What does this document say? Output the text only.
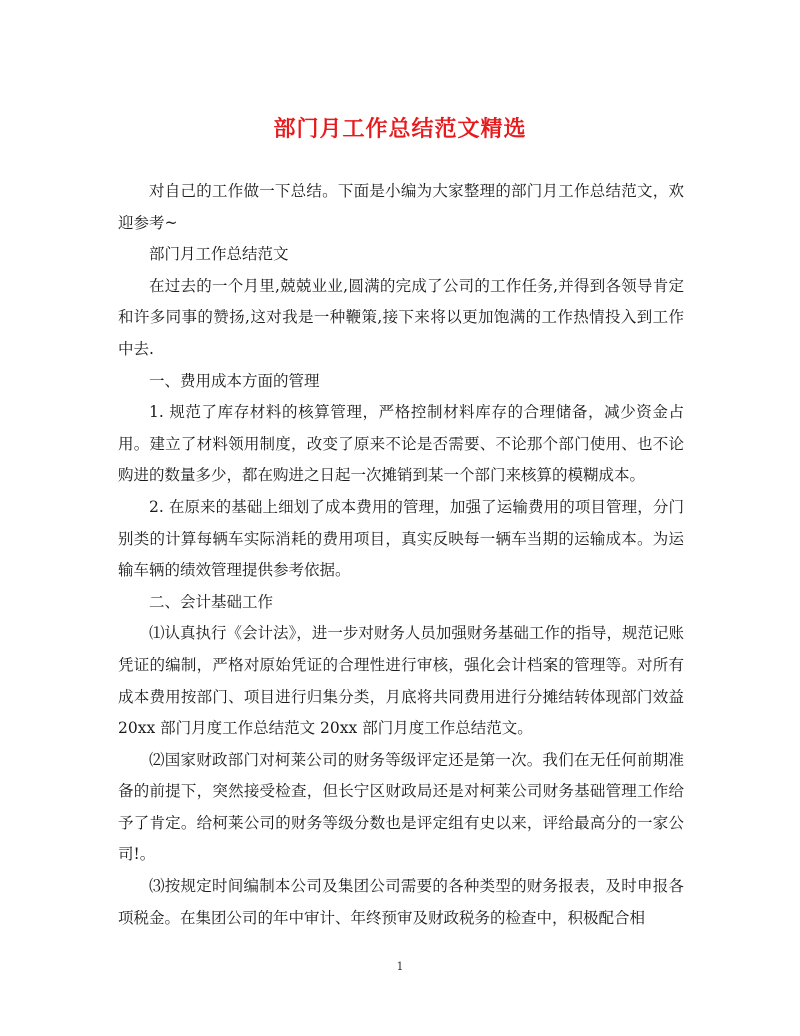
部门月工作总结范文精选

对自己的工作做一下总结。下面是小编为大家整理的部门月工作总结范文，欢迎参考~

部门月工作总结范文

在过去的一个月里,兢兢业业,圆满的完成了公司的工作任务,并得到各领导肯定和许多同事的赞扬,这对我是一种鞭策,接下来将以更加饱满的工作热情投入到工作中去.

一、费用成本方面的管理

1. 规范了库存材料的核算管理，严格控制材料库存的合理储备，减少资金占用。建立了材料领用制度，改变了原来不论是否需要、不论那个部门使用、也不论购进的数量多少，都在购进之日起一次摊销到某一个部门来核算的模糊成本。

2. 在原来的基础上细划了成本费用的管理，加强了运输费用的项目管理，分门别类的计算每辆车实际消耗的费用项目，真实反映每一辆车当期的运输成本。为运输车辆的绩效管理提供参考依据。

二、会计基础工作

⑴认真执行《会计法》，进一步对财务人员加强财务基础工作的指导，规范记账凭证的编制，严格对原始凭证的合理性进行审核，强化会计档案的管理等。对所有成本费用按部门、项目进行归集分类，月底将共同费用进行分摊结转体现部门效益 20xx 部门月度工作总结范文 20xx 部门月度工作总结范文。

⑵国家财政部门对柯莱公司的财务等级评定还是第一次。我们在无任何前期准备的前提下，突然接受检查，但长宁区财政局还是对柯莱公司财务基础管理工作给予了肯定。给柯莱公司的财务等级分数也是评定组有史以来，评给最高分的一家公司!。

⑶按规定时间编制本公司及集团公司需要的各种类型的财务报表，及时申报各项税金。在集团公司的年中审计、年终预审及财政税务的检查中，积极配合相

1
